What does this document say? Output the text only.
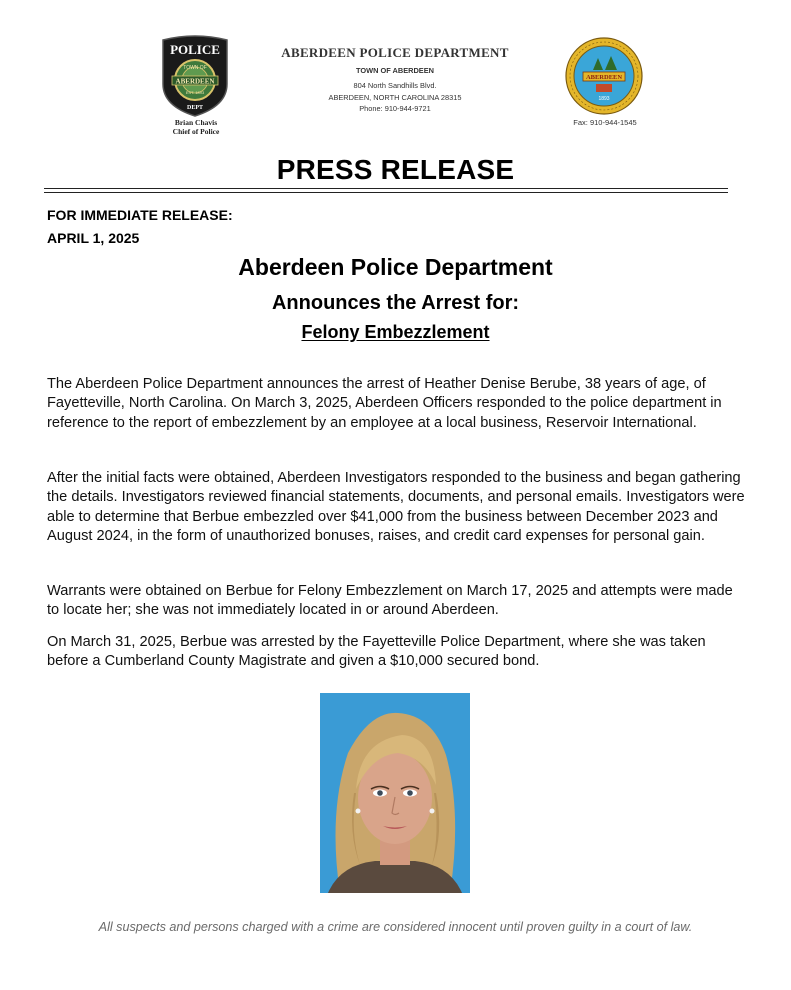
POLICE
TOWN OF
ABERDEEN
EST. 1893
DEPT
Brian Chavis
Chief of Police
ABERDEEN POLICE DEPARTMENT
TOWN OF ABERDEEN
804 North Sandhills Blvd.
ABERDEEN, NORTH CAROLINA 28315
Phone: 910-944-9721
ABERDEEN
1893
Fax: 910-944-1545
PRESS RELEASE
FOR IMMEDIATE RELEASE:
APRIL 1, 2025
Aberdeen Police Department
Announces the Arrest for:
Felony Embezzlement

The Aberdeen Police Department announces the arrest of Heather Denise Berube, 38 years of age, of Fayetteville, North Carolina. On March 3, 2025, Aberdeen Officers responded to the police department in reference to the report of embezzlement by an employee at a local business, Reservoir International.

After the initial facts were obtained, Aberdeen Investigators responded to the business and began gathering the details. Investigators reviewed financial statements, documents, and personal emails. Investigators were able to determine that Berbue embezzled over $41,000 from the business between December 2023 and August 2024, in the form of unauthorized bonuses, raises, and credit card expenses for personal gain.

Warrants were obtained on Berbue for Felony Embezzlement on March 17, 2025 and attempts were made to locate her; she was not immediately located in or around Aberdeen.

On March 31, 2025, Berbue was arrested by the Fayetteville Police Department, where she was taken before a Cumberland County Magistrate and given a $10,000 secured bond.

All suspects and persons charged with a crime are considered innocent until proven guilty in a court of law.
